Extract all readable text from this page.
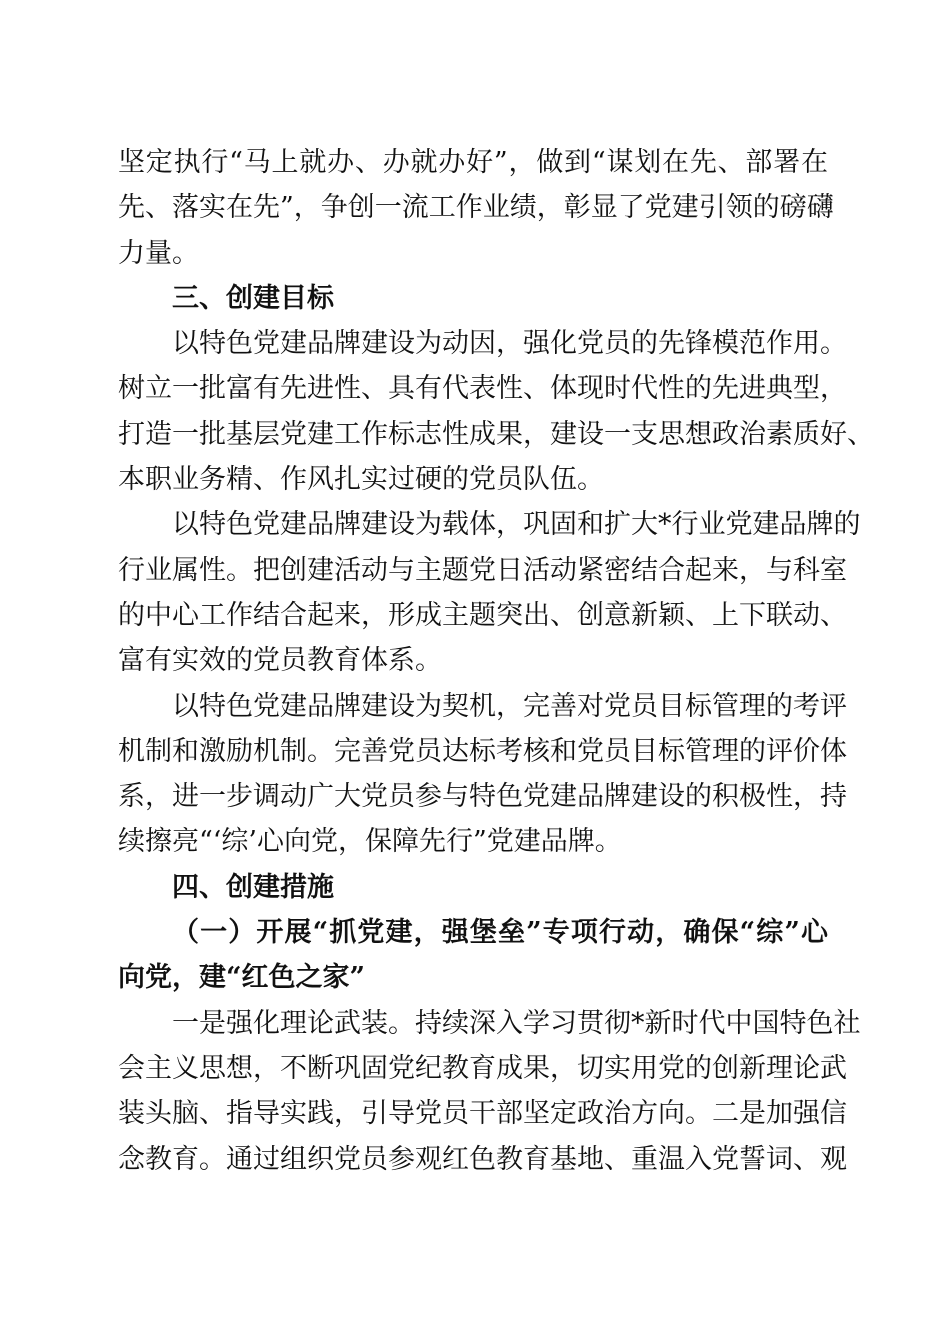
坚定执行“马上就办、办就办好”，做到“谋划在先、部署在
先、落实在先”，争创一流工作业绩，彰显了党建引领的磅礴
力量。
三、创建目标
以特色党建品牌建设为动因，强化党员的先锋模范作用。
树立一批富有先进性、具有代表性、体现时代性的先进典型，
打造一批基层党建工作标志性成果，建设一支思想政治素质好、
本职业务精、作风扎实过硬的党员队伍。
以特色党建品牌建设为载体，巩固和扩大*行业党建品牌的
行业属性。把创建活动与主题党日活动紧密结合起来，与科室
的中心工作结合起来，形成主题突出、创意新颖、上下联动、
富有实效的党员教育体系。
以特色党建品牌建设为契机，完善对党员目标管理的考评
机制和激励机制。完善党员达标考核和党员目标管理的评价体
系，进一步调动广大党员参与特色党建品牌建设的积极性，持
续擦亮“‘综’心向党，保障先行”党建品牌。
四、创建措施
（一）开展“抓党建，强堡垒”专项行动，确保“综”心
向党，建“红色之家”
一是强化理论武装。持续深入学习贯彻*新时代中国特色社
会主义思想，不断巩固党纪教育成果，切实用党的创新理论武
装头脑、指导实践，引导党员干部坚定政治方向。二是加强信
念教育。通过组织党员参观红色教育基地、重温入党誓词、观
